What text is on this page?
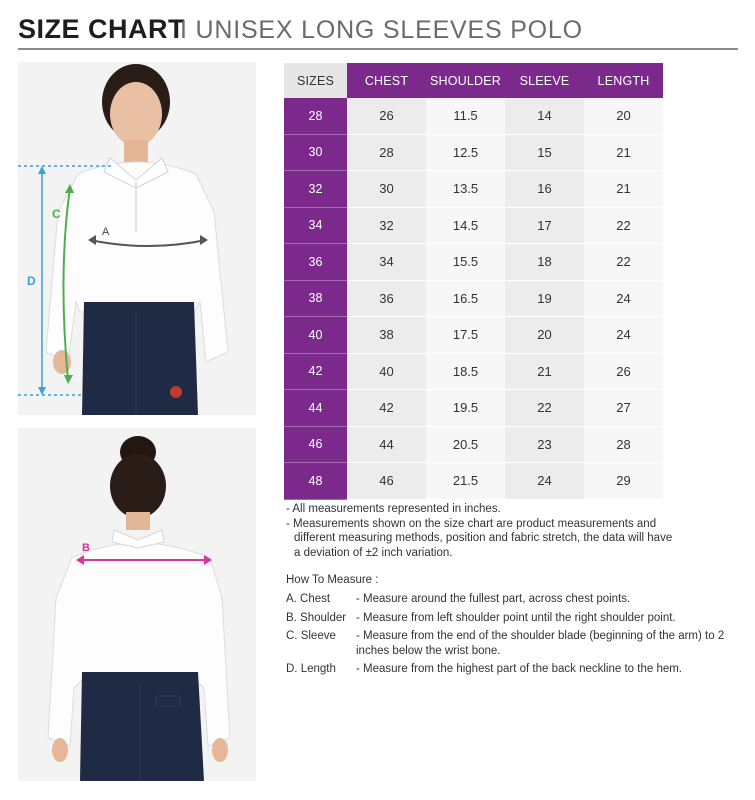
SIZE CHART
I UNISEX LONG SLEEVES POLO
A
C
D
B
SIZES	CHEST	SHOULDER	SLEEVE	LENGTH
28	26	11.5	14	20
30	28	12.5	15	21
32	30	13.5	16	21
34	32	14.5	17	22
36	34	15.5	18	22
38	36	16.5	19	24
40	38	17.5	20	24
42	40	18.5	21	26
44	42	19.5	22	27
46	44	20.5	23	28
48	46	21.5	24	29

- All measurements represented in inches.

- Measurements shown on the size chart are product measurements and

different measuring methods, position and fabric stretch, the data will have

a deviation of ±2 inch variation.

How To Measure :
A. Chest	- Measure around the fullest part, across chest points.
B. Shoulder - Measure from left shoulder point until the right shoulder point.
C. Sleeve	- Measure from the end of the shoulder blade (beginning of the arm) to 2 inches below the wrist bone.
D. Length	- Measure from the highest part of the back neckline to the hem.
